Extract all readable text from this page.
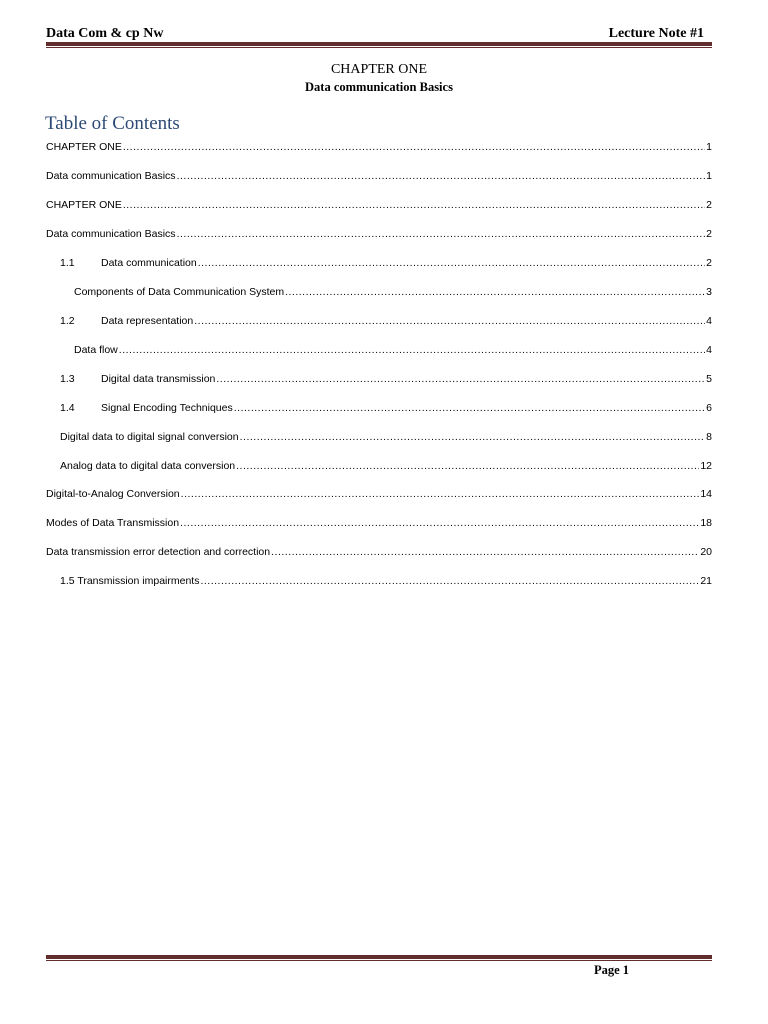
Data Com & cp Nw	Lecture Note #1
CHAPTER ONE
Data communication Basics
Table of Contents
CHAPTER ONE .....	1
Data communication Basics .....	1
CHAPTER ONE .....	2
Data communication Basics .....	2
1.1	Data communication .....	2
Components of Data Communication System .....	3
1.2	Data representation .....	4
Data flow .....	4
1.3	Digital data transmission .....	5
1.4	Signal Encoding Techniques .....	6
Digital data to digital signal conversion .....	8
Analog data to digital data conversion .....	12
Digital-to-Analog Conversion .....	14
Modes of Data Transmission .....	18
Data transmission error detection and correction .....	20
1.5 Transmission impairments .....	21
Page 1
